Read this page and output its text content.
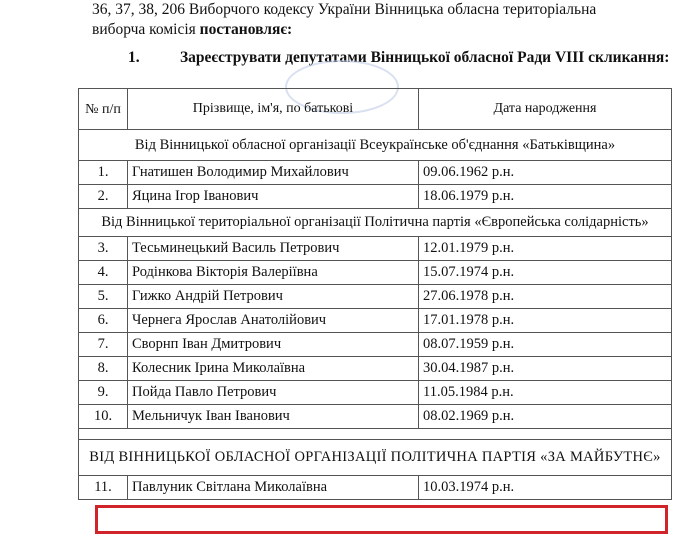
36, 37, 38, 206 Виборчого кодексу України Вінницька обласна територіальна
виборча комісія постановляє:
1.	Зареєструвати депутатами Вінницької обласної Ради VIII скликання:
№ п/п	Прізвище, ім'я, по батькові	Дата народження
Від Вінницької обласної організації Всеукраїнське об'єднання «Батьківщина»		
1.	Гнатишен Володимир Михайлович	09.06.1962 р.н.
2.	Яцина Ігор Іванович	18.06.1979 р.н.
Від Вінницької територіальної організації Політична партія «Європейська солідарність»		
3.	Тесьминецький Василь Петрович	12.01.1979 р.н.
4.	Родінкова Вікторія Валеріївна	15.07.1974 р.н.
5.	Гижко Андрій Петрович	27.06.1978 р.н.
6.	Чернега Ярослав Анатолійович	17.01.1978 р.н.
7.	Сворнп Іван Дмитрович	08.07.1959 р.н.
8.	Колесник Ірина Миколаївна	30.04.1987 р.н.
9.	Пойда Павло Петрович	11.05.1984 р.н.
10.	Мельничук Іван Іванович	08.02.1969 р.н.

ВІД ВІННИЦЬКОЇ ОБЛАСНОЇ ОРГАНІЗАЦІЇ ПОЛІТИЧНА ПАРТІЯ «ЗА МАЙБУТНЄ»		
11.	Павлуник Світлана Миколаївна	10.03.1974 р.н.
